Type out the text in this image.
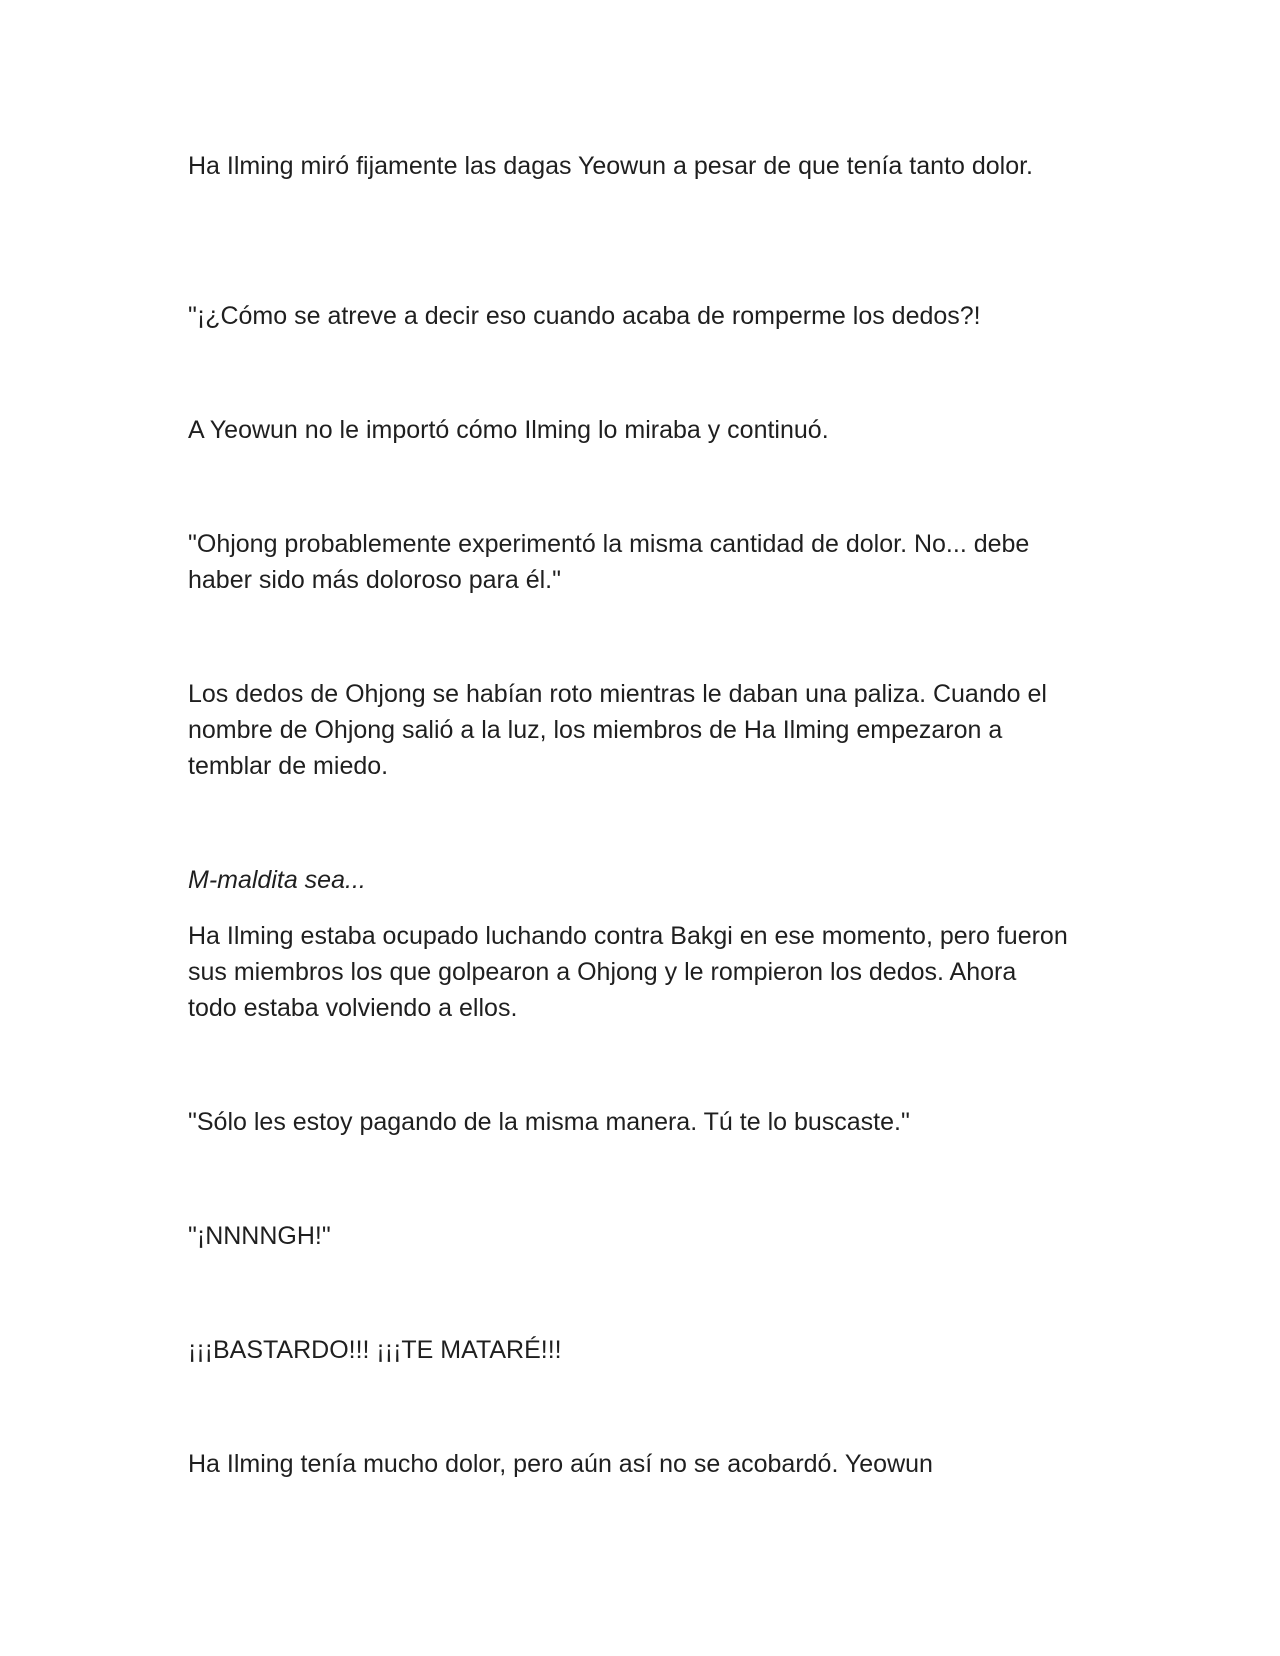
Ha Ilming miró fijamente las dagas Yeowun a pesar de que tenía tanto dolor.

"¡¿Cómo se atreve a decir eso cuando acaba de romperme los dedos?!

A Yeowun no le importó cómo Ilming lo miraba y continuó.

"Ohjong probablemente experimentó la misma cantidad de dolor. No... debe haber sido más doloroso para él."

Los dedos de Ohjong se habían roto mientras le daban una paliza. Cuando el nombre de Ohjong salió a la luz, los miembros de Ha Ilming empezaron a temblar de miedo.

M-maldita sea...

Ha Ilming estaba ocupado luchando contra Bakgi en ese momento, pero fueron sus miembros los que golpearon a Ohjong y le rompieron los dedos. Ahora todo estaba volviendo a ellos.

"Sólo les estoy pagando de la misma manera. Tú te lo buscaste."

"¡NNNNGH!"

¡¡¡BASTARDO!!! ¡¡¡TE MATARÉ!!!

Ha Ilming tenía mucho dolor, pero aún así no se acobardó. Yeowun
